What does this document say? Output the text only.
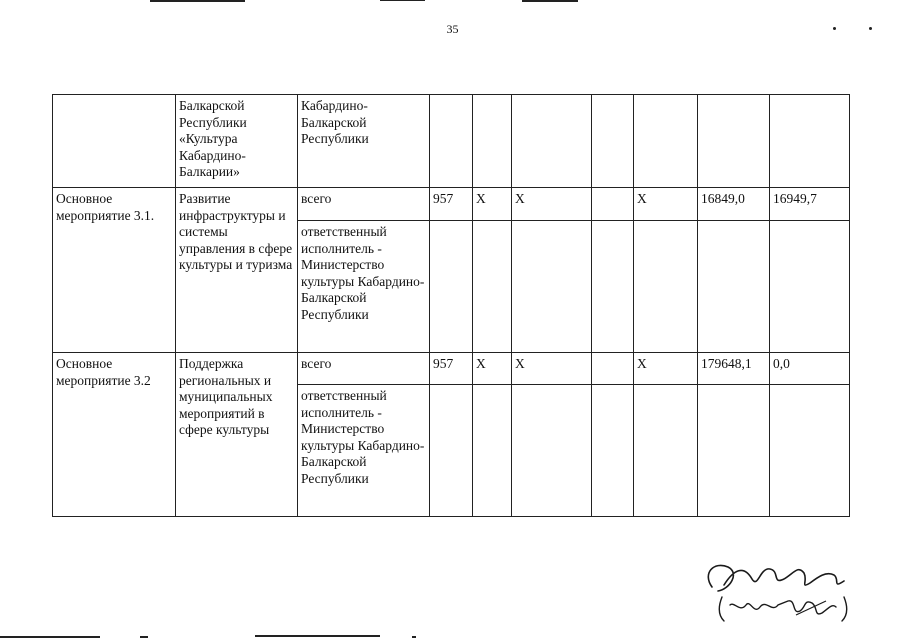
35
	Балкарской Республики «Культура Кабардино-Балкарии»	Кабардино-Балкарской Республики							
Основное мероприятие 3.1.	Развитие инфраструктуры и системы управления в сфере культуры и туризма	всего	957	Х	Х		Х	16849,0	16949,7
		ответственный исполнитель - Министерство культуры Кабардино-Балкарской Республики							
Основное мероприятие 3.2	Поддержка региональных и муниципальных мероприятий в сфере культуры	всего	957	Х	Х		Х	179648,1	0,0
		ответственный исполнитель - Министерство культуры Кабардино-Балкарской Республики							
